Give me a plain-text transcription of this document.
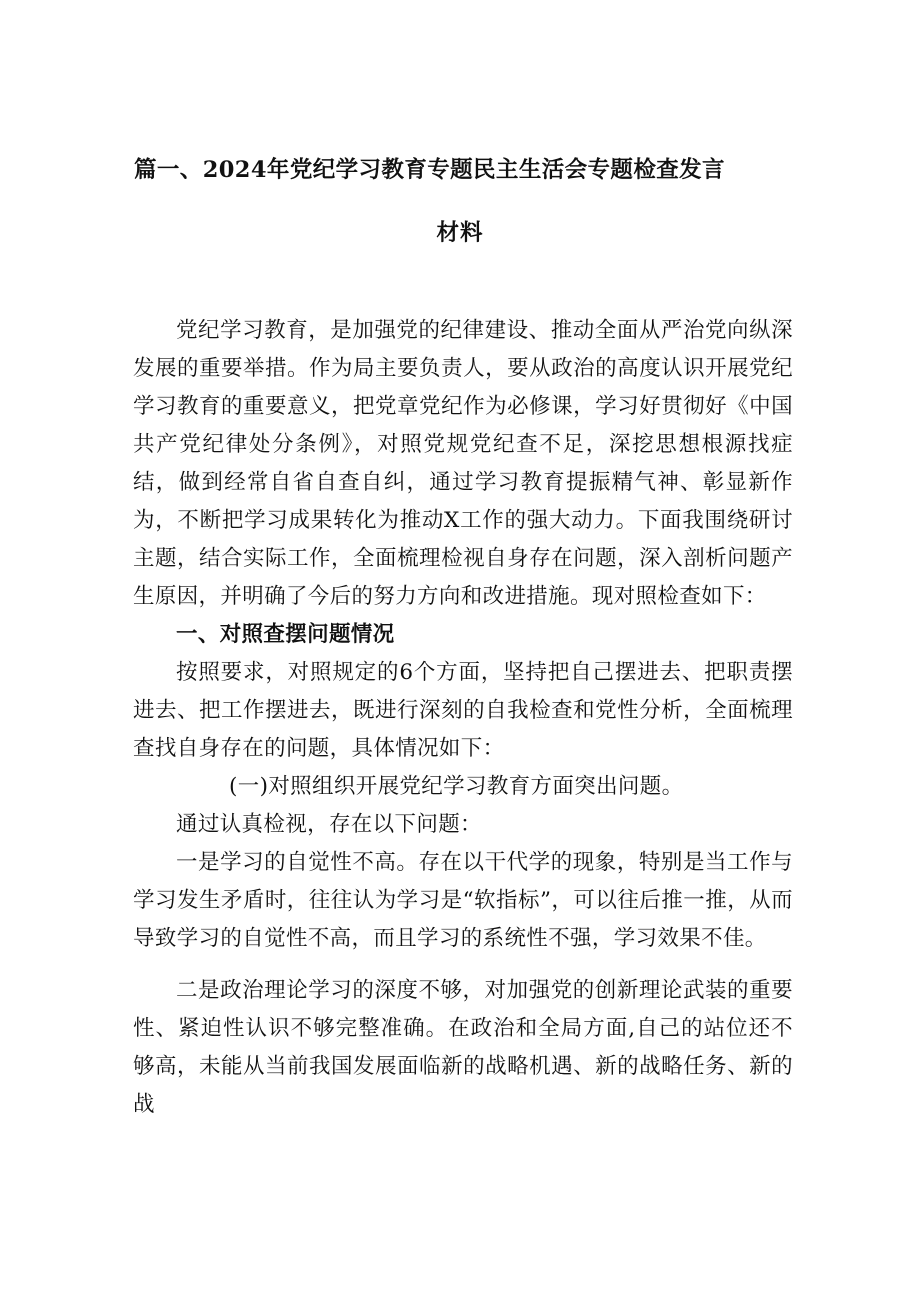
篇一、2024年党纪学习教育专题民主生活会专题检查发言
材料

党纪学习教育，是加强党的纪律建设、推动全面从严治党向纵深发展的重要举措。作为局主要负责人，要从政治的高度认识开展党纪学习教育的重要意义，把党章党纪作为必修课，学习好贯彻好《中国共产党纪律处分条例》，对照党规党纪查不足，深挖思想根源找症结，做到经常自省自查自纠，通过学习教育提振精气神、彰显新作为，不断把学习成果转化为推动X工作的强大动力。下面我围绕研讨主题，结合实际工作，全面梳理检视自身存在问题，深入剖析问题产生原因，并明确了今后的努力方向和改进措施。现对照检查如下：

一、对照查摆问题情况

按照要求，对照规定的6个方面，坚持把自己摆进去、把职责摆进去、把工作摆进去，既进行深刻的自我检查和党性分析，全面梳理查找自身存在的问题，具体情况如下：

(一)对照组织开展党纪学习教育方面突出问题。

通过认真检视，存在以下问题：

一是学习的自觉性不高。存在以干代学的现象，特别是当工作与学习发生矛盾时，往往认为学习是“软指标”，可以往后推一推，从而导致学习的自觉性不高，而且学习的系统性不强，学习效果不佳。

二是政治理论学习的深度不够，对加强党的创新理论武装的重要性、紧迫性认识不够完整准确。在政治和全局方面,自己的站位还不够高，未能从当前我国发展面临新的战略机遇、新的战略任务、新的战
